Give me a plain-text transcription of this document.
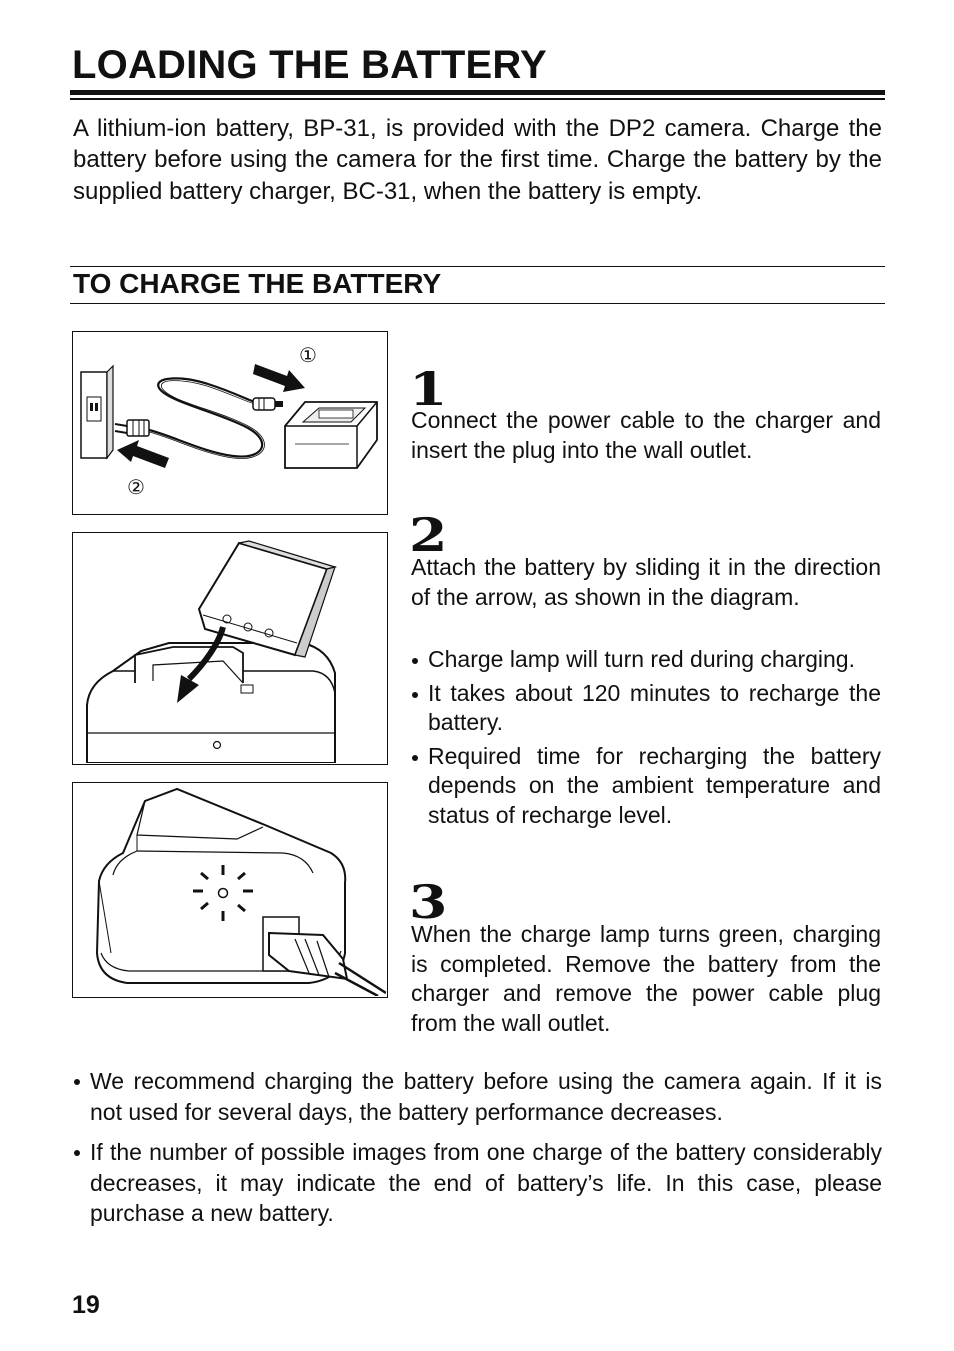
LOADING THE BATTERY
A lithium-ion battery, BP-31, is provided with the DP2 camera. Charge the battery before using the camera for the first time. Charge the battery by the supplied battery charger, BC-31, when the battery is empty.
TO CHARGE THE BATTERY
①
②
1
Connect the power cable to the charger and insert the plug into the wall outlet.
2
Attach the battery by sliding it in the direction of the arrow, as shown in the diagram.
Charge lamp will turn red during charging.
It takes about 120 minutes to recharge the battery.
Required time for recharging the battery depends on the ambient temperature and status of recharge level.
3
When the charge lamp turns green, charging is completed. Remove the battery from the charger and remove the power cable plug from the wall outlet.
We recommend charging the battery before using the camera again. If it is not used for several days, the battery performance decreases.
If the number of possible images from one charge of the battery considerably decreases, it may indicate the end of battery’s life. In this case, please purchase a new battery.
19
